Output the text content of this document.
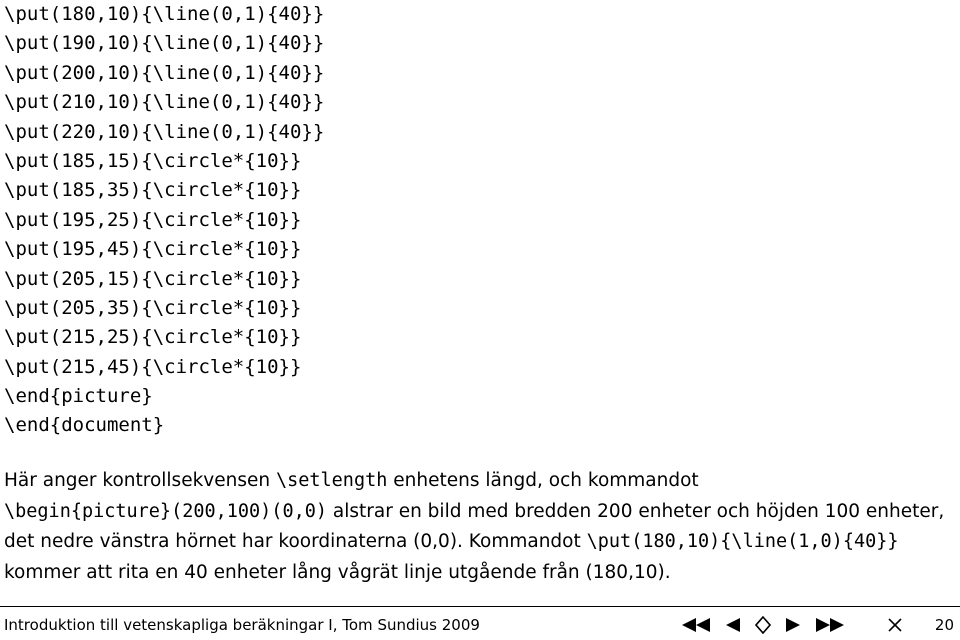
\put(180,10){\line(0,1){40}}
\put(190,10){\line(0,1){40}}
\put(200,10){\line(0,1){40}}
\put(210,10){\line(0,1){40}}
\put(220,10){\line(0,1){40}}
\put(185,15){\circle*{10}}
\put(185,35){\circle*{10}}
\put(195,25){\circle*{10}}
\put(195,45){\circle*{10}}
\put(205,15){\circle*{10}}
\put(205,35){\circle*{10}}
\put(215,25){\circle*{10}}
\put(215,45){\circle*{10}}
\end{picture}
\end{document}
Här anger kontrollsekvensen \setlength enhetens längd, och kommandot
\begin{picture}(200,100)(0,0) alstrar en bild med bredden 200 enheter och höjden 100 enheter,
det nedre vänstra hörnet har koordinaterna (0,0). Kommandot \put(180,10){\line(1,0){40}}
kommer att rita en 40 enheter lång vågrät linje utgående från (180,10).
Introduktion till vetenskapliga beräkningar I, Tom Sundius 2009	20
